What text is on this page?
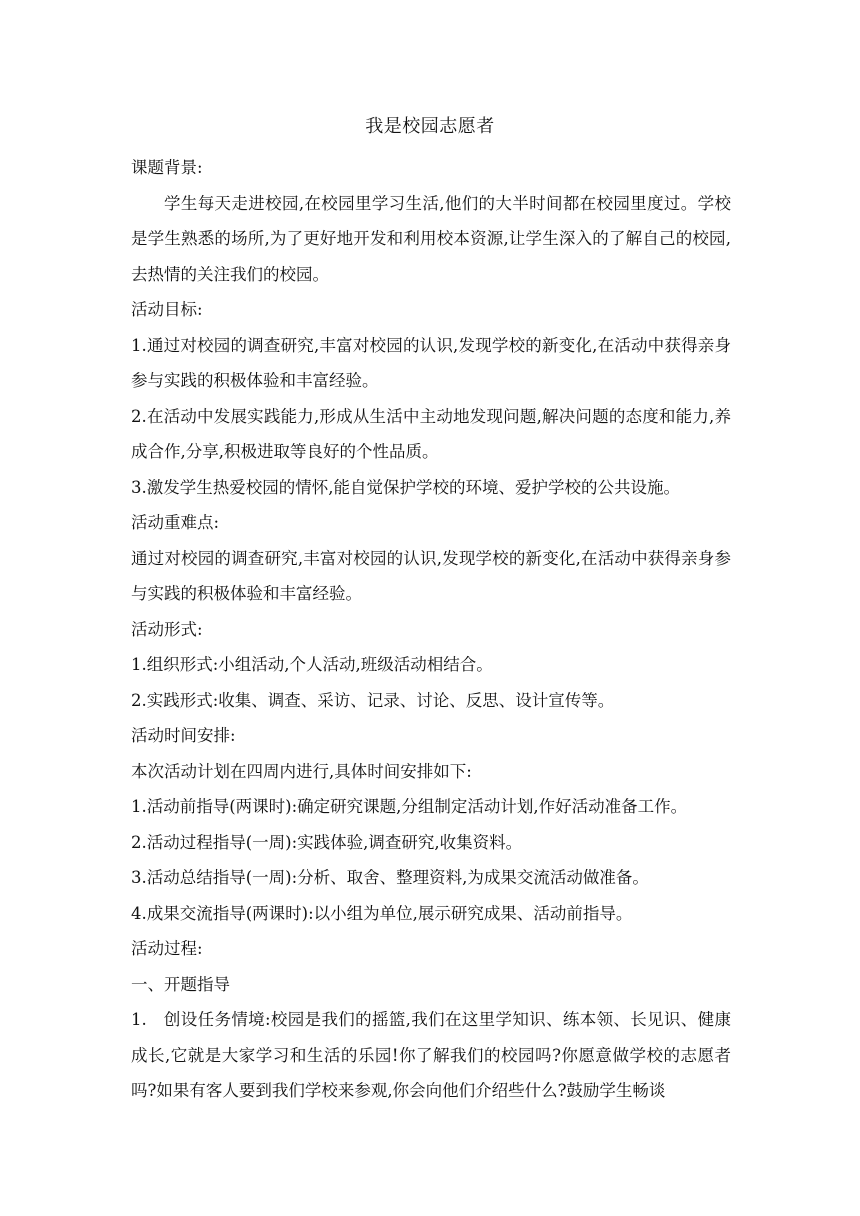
我是校园志愿者

课题背景:

学生每天走进校园,在校园里学习生活,他们的大半时间都在校园里度过。学校是学生熟悉的场所,为了更好地开发和利用校本资源,让学生深入的了解自己的校园,去热情的关注我们的校园。

活动目标:

1.通过对校园的调查研究,丰富对校园的认识,发现学校的新变化,在活动中获得亲身参与实践的积极体验和丰富经验。

2.在活动中发展实践能力,形成从生活中主动地发现问题,解决问题的态度和能力,养成合作,分享,积极进取等良好的个性品质。

3.激发学生热爱校园的情怀,能自觉保护学校的环境、爱护学校的公共设施。

活动重难点:

通过对校园的调查研究,丰富对校园的认识,发现学校的新变化,在活动中获得亲身参与实践的积极体验和丰富经验。

活动形式:

1.组织形式:小组活动,个人活动,班级活动相结合。

2.实践形式:收集、调查、采访、记录、讨论、反思、设计宣传等。

活动时间安排:

本次活动计划在四周内进行,具体时间安排如下:

1.活动前指导(两课时):确定研究课题,分组制定活动计划,作好活动准备工作。

2.活动过程指导(一周):实践体验,调查研究,收集资料。

3.活动总结指导(一周):分析、取舍、整理资料,为成果交流活动做准备。

4.成果交流指导(两课时):以小组为单位,展示研究成果、活动前指导。

活动过程:

一、开题指导

1.　创设任务情境:校园是我们的摇篮,我们在这里学知识、练本领、长见识、健康成长,它就是大家学习和生活的乐园!你了解我们的校园吗?你愿意做学校的志愿者吗?如果有客人要到我们学校来参观,你会向他们介绍些什么?鼓励学生畅谈
